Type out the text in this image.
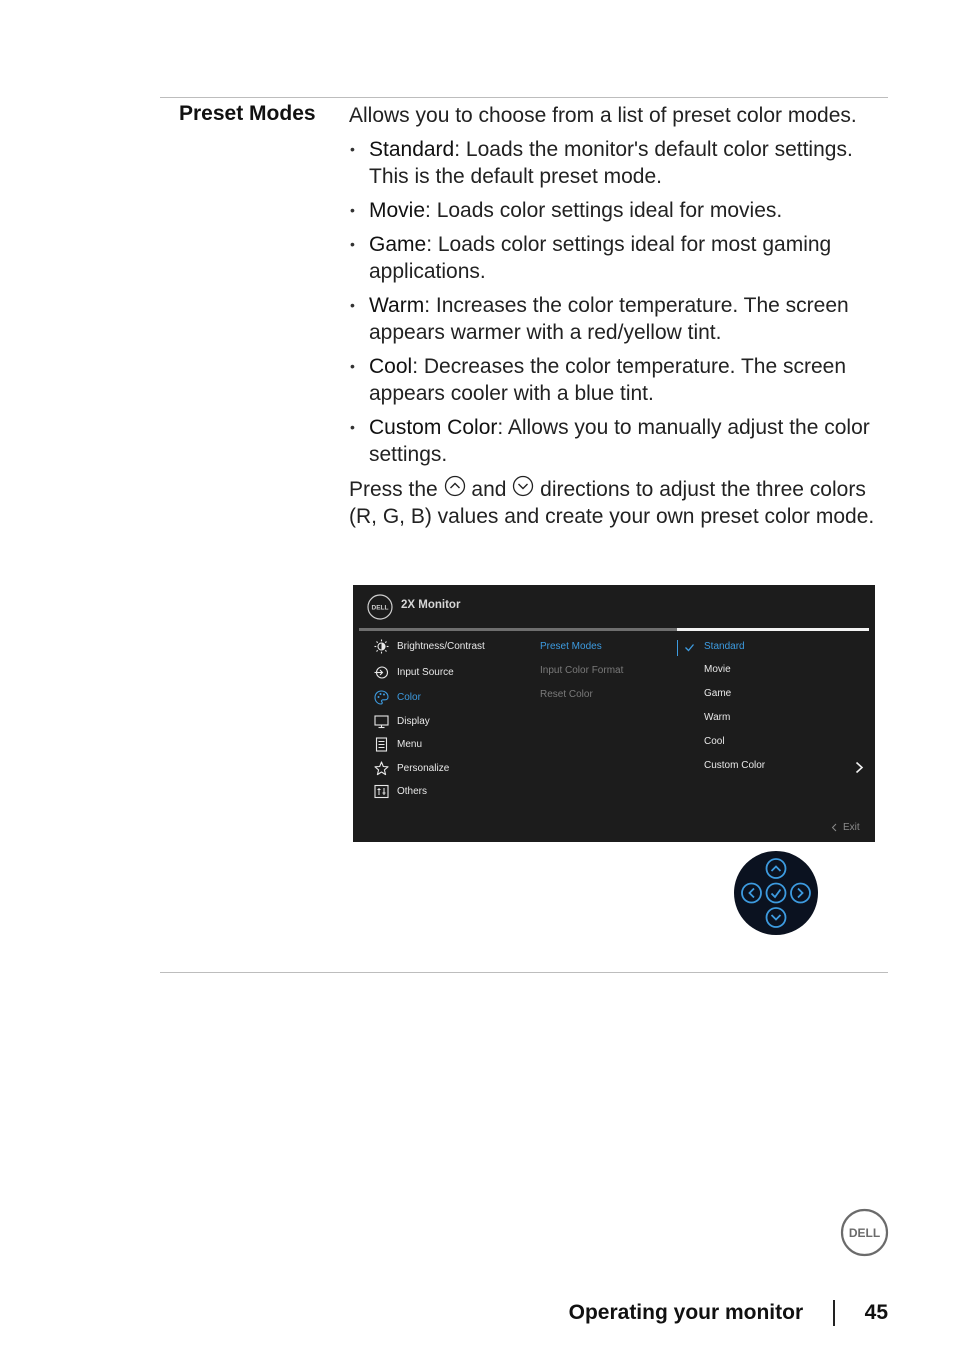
Preset Modes Allows you to choose from a list of preset color modes.

• Standard: Loads the monitor's default color settings. This is the default preset mode.
• Movie: Loads color settings ideal for movies.
• Game: Loads color settings ideal for most gaming applications.
• Warm: Increases the color temperature. The screen appears warmer with a red/yellow tint.
• Cool: Decreases the color temperature. The screen appears cooler with a blue tint.
• Custom Color: Allows you to manually adjust the color settings.

Press the and directions to adjust the three colors
(R, G, B) values and create your own preset color mode.

DELL 2X Monitor
Brightness/Contrast
Input Source
Color
Display
Menu
Personalize
Others
Preset Modes
Input Color Format
Reset Color
Standard
Movie
Game
Warm
Cool
Custom Color
Exit
DELL
Operating your monitor	45
